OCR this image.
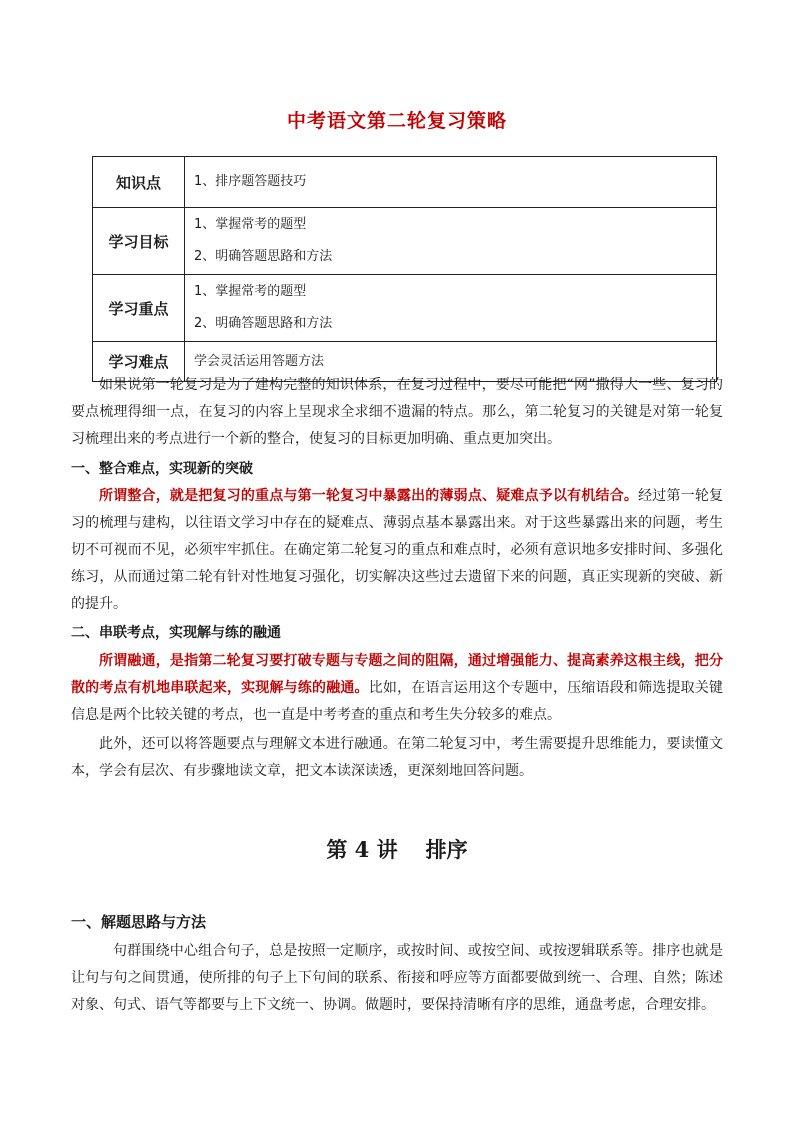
中考语文第二轮复习策略
知识点	1、排序题答题技巧

学习目标	1、掌握常考的题型
2、明确答题思路和方法

学习重点	1、掌握常考的题型
2、明确答题思路和方法

学习难点	学会灵活运用答题方法
如果说第一轮复习是为了建构完整的知识体系，在复习过程中，要尽可能把“网”撒得大一些、复习的要点梳理得细一点，在复习的内容上呈现求全求细不遗漏的特点。那么，第二轮复习的关键是对第一轮复习梳理出来的考点进行一个新的整合，使复习的目标更加明确、重点更加突出。
一、整合难点，实现新的突破
所谓整合，就是把复习的重点与第一轮复习中暴露出的薄弱点、疑难点予以有机结合。经过第一轮复习的梳理与建构，以往语文学习中存在的疑难点、薄弱点基本暴露出来。对于这些暴露出来的问题，考生切不可视而不见，必须牢牢抓住。在确定第二轮复习的重点和难点时，必须有意识地多安排时间、多强化练习，从而通过第二轮有针对性地复习强化，切实解决这些过去遗留下来的问题，真正实现新的突破、新的提升。
二、串联考点，实现解与练的融通
所谓融通，是指第二轮复习要打破专题与专题之间的阻隔，通过增强能力、提高素养这根主线，把分散的考点有机地串联起来，实现解与练的融通。比如，在语言运用这个专题中，压缩语段和筛选提取关键信息是两个比较关键的考点，也一直是中考考查的重点和考生失分较多的难点。
此外，还可以将答题要点与理解文本进行融通。在第二轮复习中，考生需要提升思维能力，要读懂文本，学会有层次、有步骤地读文章，把文本读深读透，更深刻地回答问题。
第 4 讲 排序
一、解题思路与方法
句群围绕中心组合句子，总是按照一定顺序，或按时间、或按空间、或按逻辑联系等。排序也就是让句与句之间贯通，使所排的句子上下句间的联系、衔接和呼应等方面都要做到统一、合理、自然；陈述对象、句式、语气等都要与上下文统一、协调。做题时，要保持清晰有序的思维，通盘考虑，合理安排。
